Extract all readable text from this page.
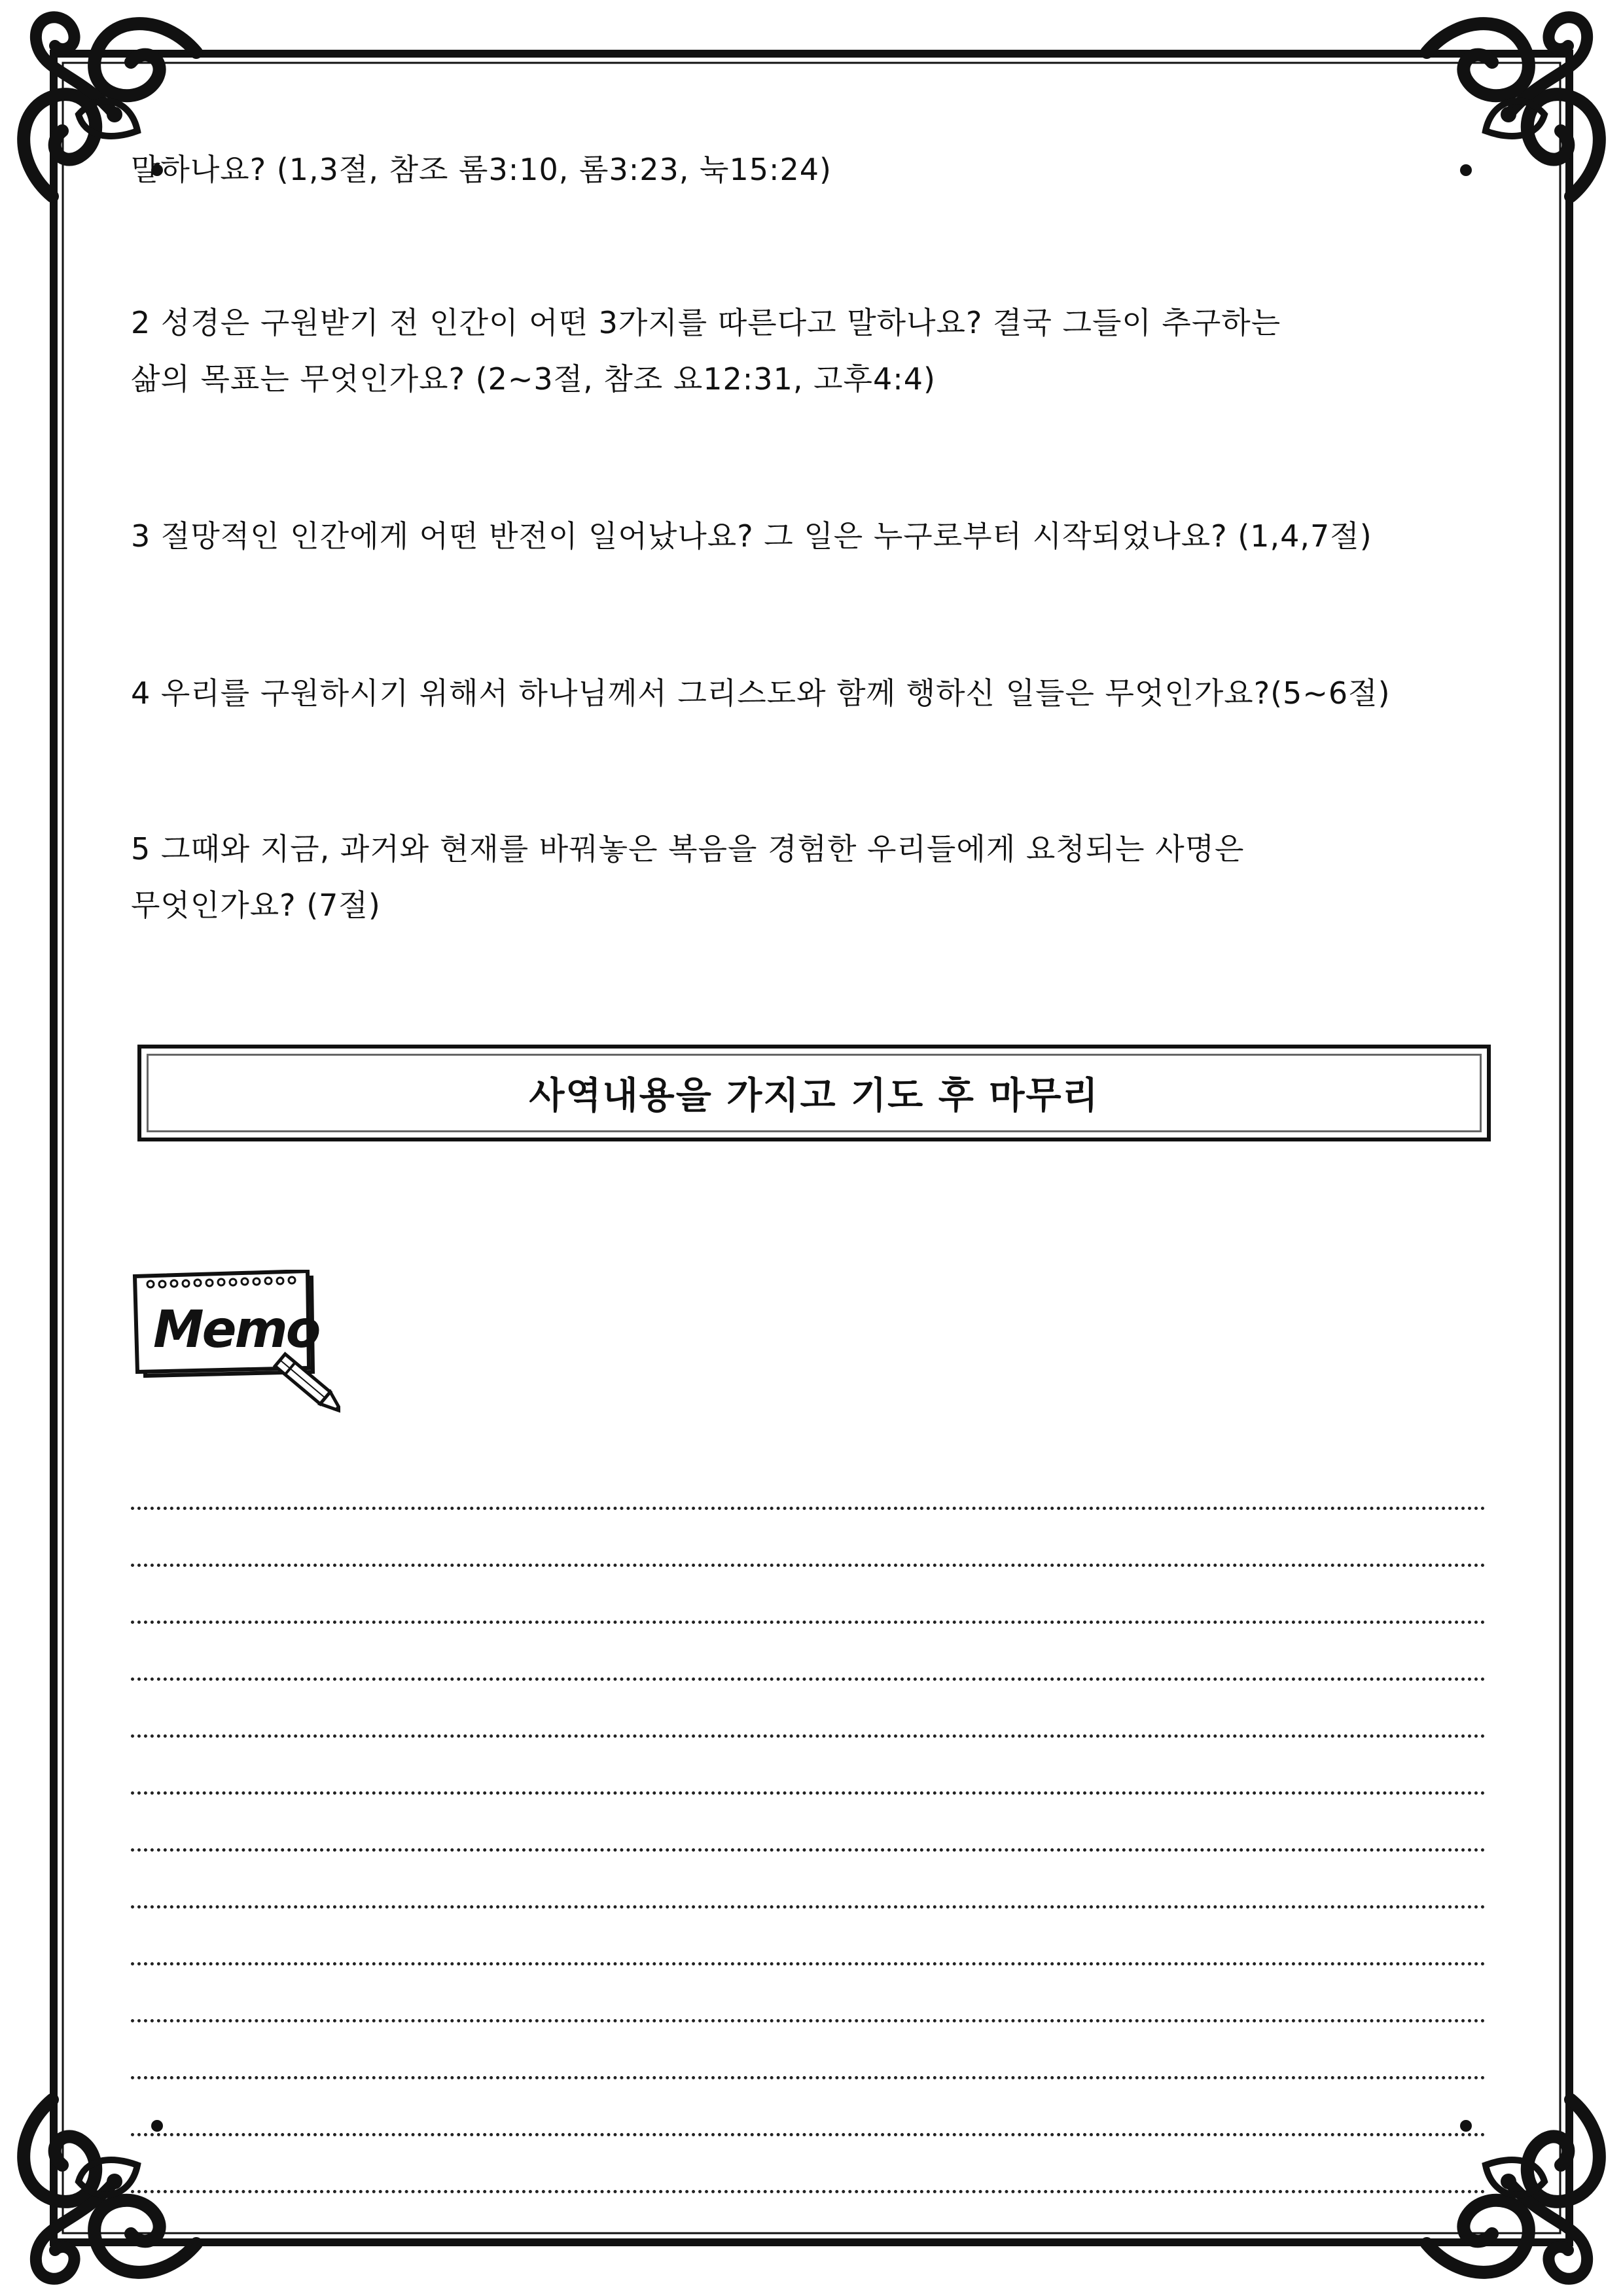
말하나요? (1,3절, 참조 롬3:10, 롬3:23, 눅15:24)
2 성경은 구원받기 전 인간이 어떤 3가지를 따른다고 말하나요? 결국 그들이 추구하는
삶의 목표는 무엇인가요? (2~3절, 참조 요12:31, 고후4:4)
3 절망적인 인간에게 어떤 반전이 일어났나요? 그 일은 누구로부터 시작되었나요? (1,4,7절)
4 우리를 구원하시기 위해서 하나님께서 그리스도와 함께 행하신 일들은 무엇인가요?(5~6절)
5 그때와 지금, 과거와 현재를 바꿔놓은 복음을 경험한 우리들에게 요청되는 사명은
무엇인가요? (7절)
사역내용을 가지고 기도 후 마무리
Memo
